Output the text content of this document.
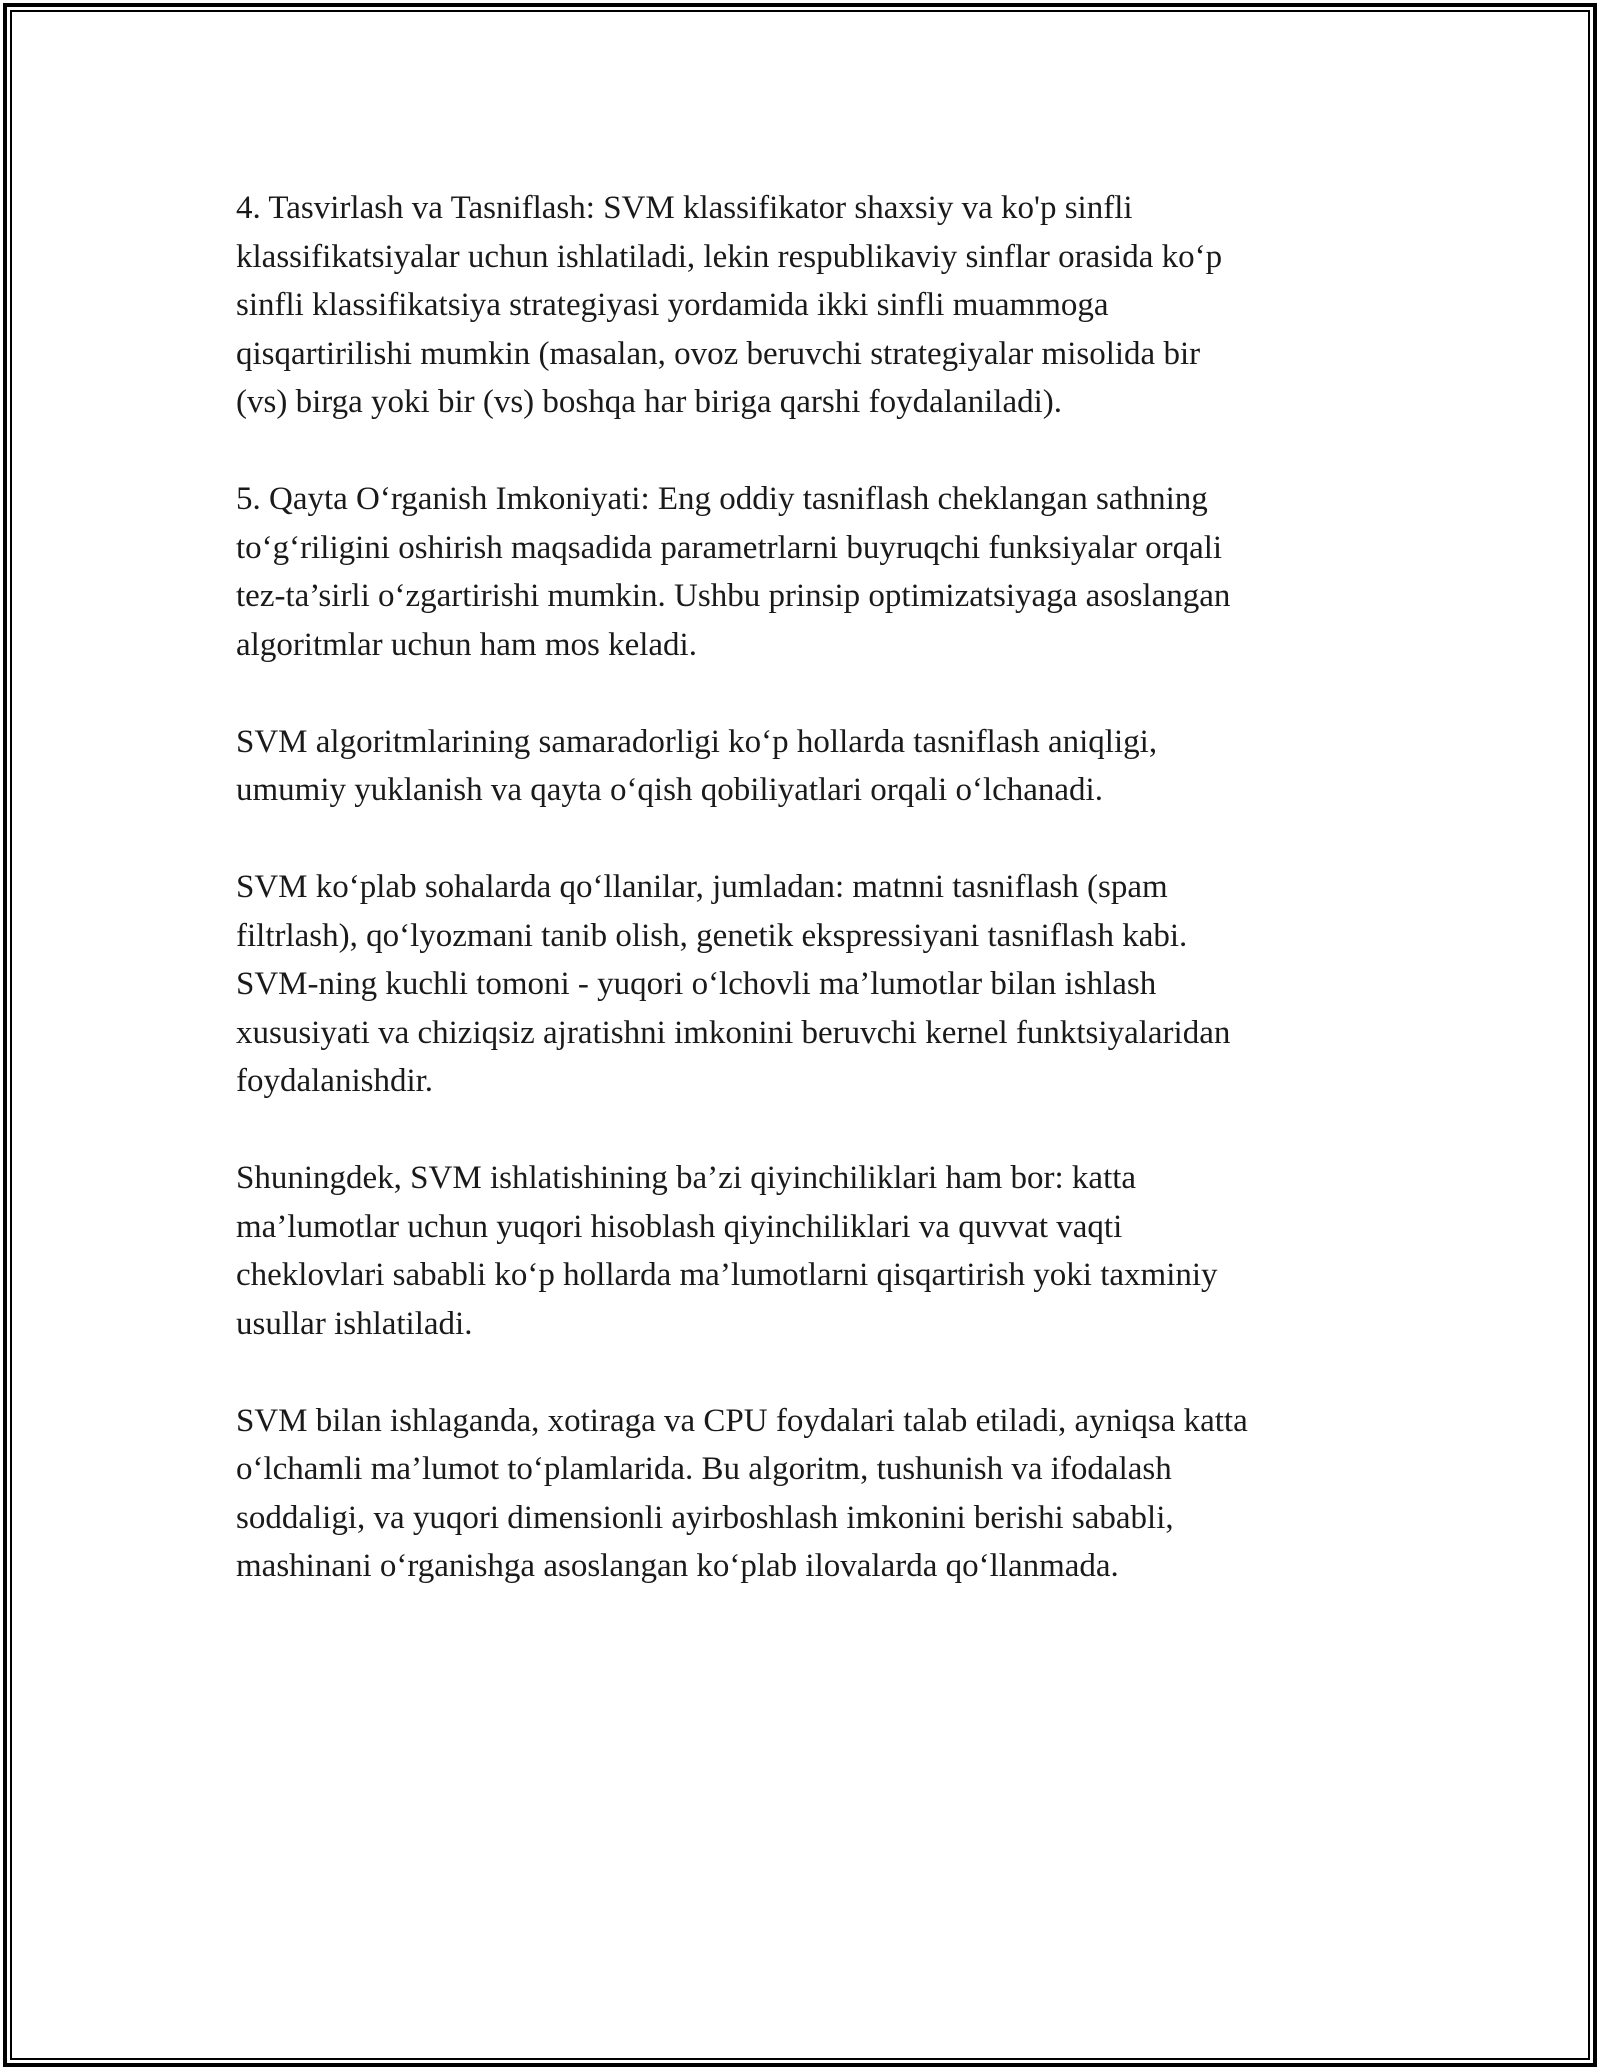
4. Tasvirlash va Tasniflash: SVM klassifikator shaxsiy va ko'p sinfli
klassifikatsiyalar uchun ishlatiladi, lekin respublikaviy sinflar orasida ko‘p
sinfli klassifikatsiya strategiyasi yordamida ikki sinfli muammoga
qisqartirilishi mumkin (masalan, ovoz beruvchi strategiyalar misolida bir
(vs) birga yoki bir (vs) boshqa har biriga qarshi foydalaniladi).

5. Qayta O‘rganish Imkoniyati: Eng oddiy tasniflash cheklangan sathning
to‘g‘riligini oshirish maqsadida parametrlarni buyruqchi funksiyalar orqali
tez-ta’sirli o‘zgartirishi mumkin. Ushbu prinsip optimizatsiyaga asoslangan
algoritmlar uchun ham mos keladi.

SVM algoritmlarining samaradorligi ko‘p hollarda tasniflash aniqligi,
umumiy yuklanish va qayta o‘qish qobiliyatlari orqali o‘lchanadi.

SVM ko‘plab sohalarda qo‘llanilar, jumladan: matnni tasniflash (spam
filtrlash), qo‘lyozmani tanib olish, genetik ekspressiyani tasniflash kabi.
SVM-ning kuchli tomoni - yuqori o‘lchovli ma’lumotlar bilan ishlash
xususiyati va chiziqsiz ajratishni imkonini beruvchi kernel funktsiyalaridan
foydalanishdir.

Shuningdek, SVM ishlatishining ba’zi qiyinchiliklari ham bor: katta
ma’lumotlar uchun yuqori hisoblash qiyinchiliklari va quvvat vaqti
cheklovlari sababli ko‘p hollarda ma’lumotlarni qisqartirish yoki taxminiy
usullar ishlatiladi.

SVM bilan ishlaganda, xotiraga va CPU foydalari talab etiladi, ayniqsa katta
o‘lchamli ma’lumot to‘plamlarida. Bu algoritm, tushunish va ifodalash
soddaligi, va yuqori dimensionli ayirboshlash imkonini berishi sababli,
mashinani o‘rganishga asoslangan ko‘plab ilovalarda qo‘llanmada.
